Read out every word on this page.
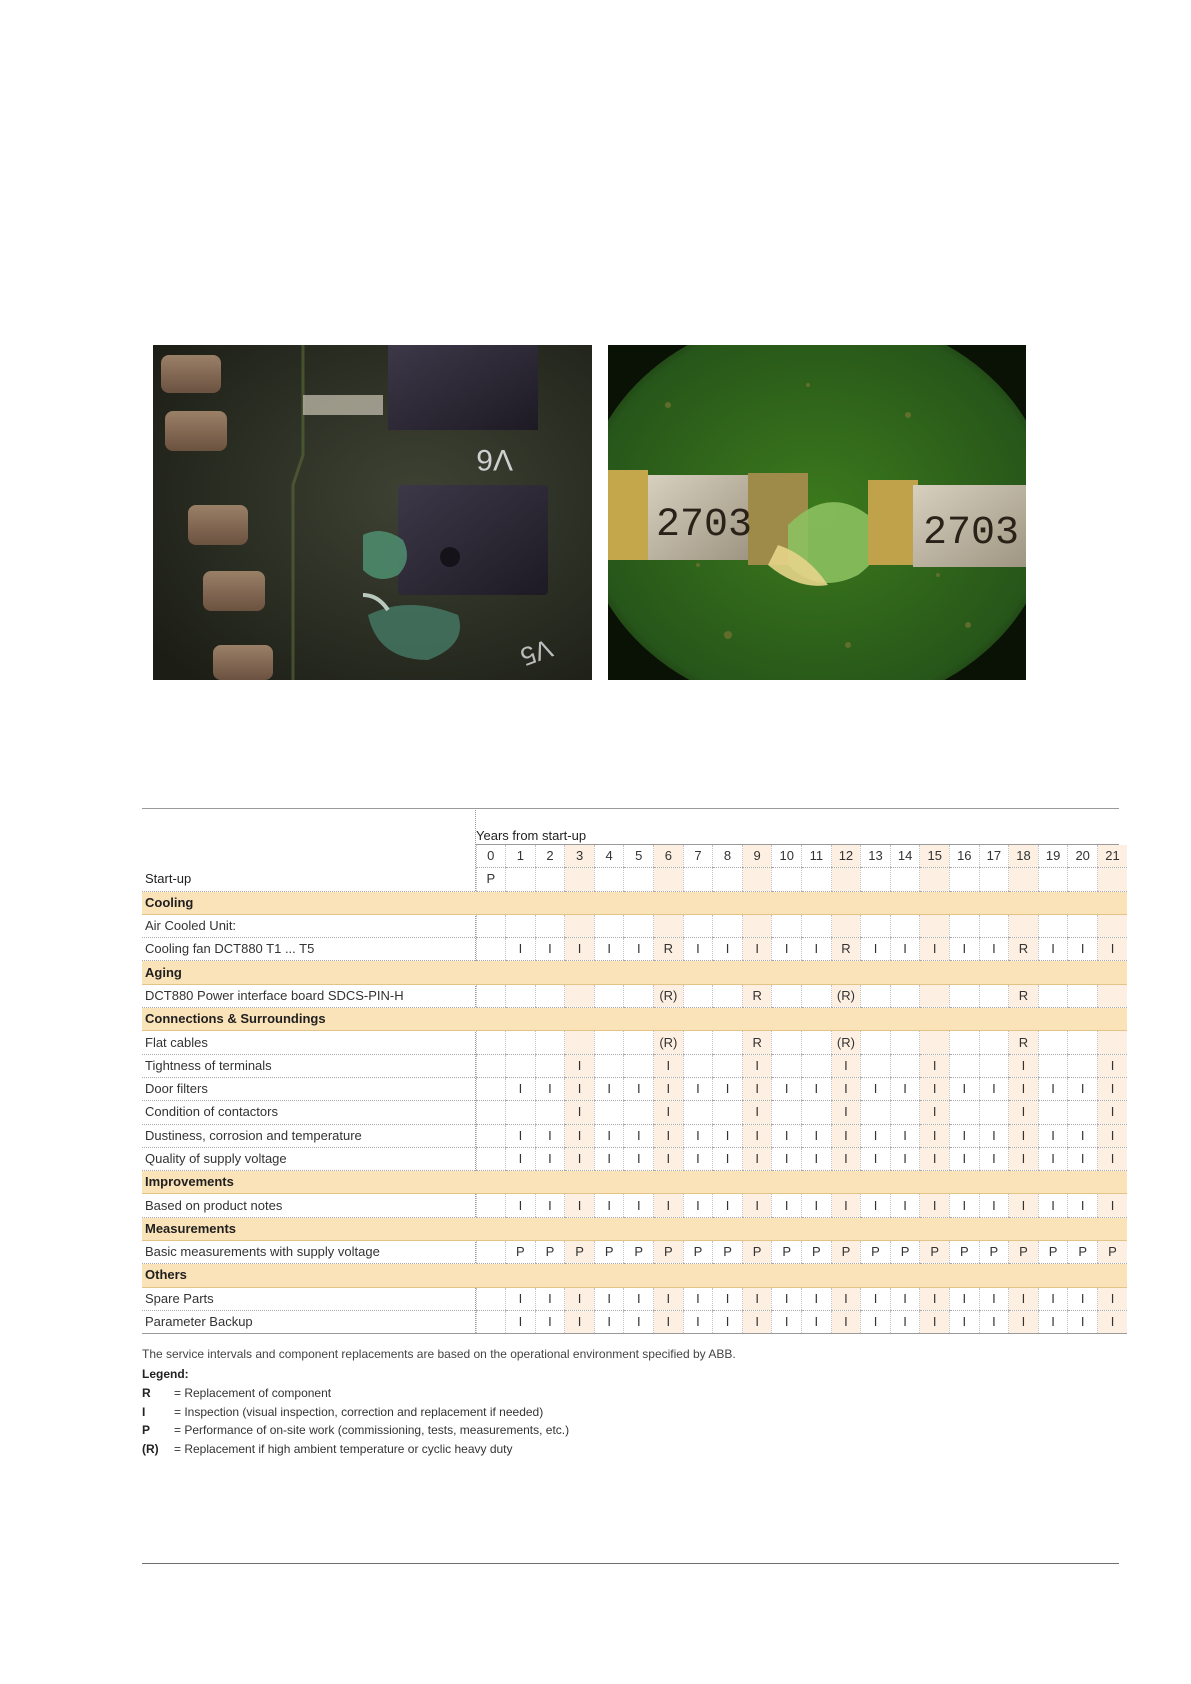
V6
V5
2703	2703
Years from start-up
	0	1	2	3	4	5	6	7	8	9	10	11	12	13	14	15	16	17	18	19	20	21
Start-up	P																					
Cooling																						
Air Cooled Unit:																						
Cooling fan DCT880 T1 ... T5		I	I	I	I	I	R	I	I	I	I	I	R	I	I	I	I	I	R	I	I	I
Aging																						
DCT880 Power interface board SDCS-PIN-H							(R)			R			(R)						R			
Connections & Surroundings																						
Flat cables							(R)			R			(R)						R			
Tightness of terminals				I			I			I			I			I			I			I
Door filters		I	I	I	I	I	I	I	I	I	I	I	I	I	I	I	I	I	I	I	I	I
Condition of contactors				I			I			I			I			I			I			I
Dustiness, corrosion and temperature		I	I	I	I	I	I	I	I	I	I	I	I	I	I	I	I	I	I	I	I	I
Quality of supply voltage		I	I	I	I	I	I	I	I	I	I	I	I	I	I	I	I	I	I	I	I	I
Improvements																						
Based on product notes		I	I	I	I	I	I	I	I	I	I	I	I	I	I	I	I	I	I	I	I	I
Measurements																						
Basic measurements with supply voltage		P	P	P	P	P	P	P	P	P	P	P	P	P	P	P	P	P	P	P	P	P
Others																						
Spare Parts		I	I	I	I	I	I	I	I	I	I	I	I	I	I	I	I	I	I	I	I	I
Parameter Backup		I	I	I	I	I	I	I	I	I	I	I	I	I	I	I	I	I	I	I	I	I
The service intervals and component replacements are based on the operational environment specified by ABB.
Legend:
R	= Replacement of component
I	= Inspection (visual inspection, correction and replacement if needed)
P	= Performance of on-site work (commissioning, tests, measurements, etc.)
(R)	= Replacement if high ambient temperature or cyclic heavy duty
